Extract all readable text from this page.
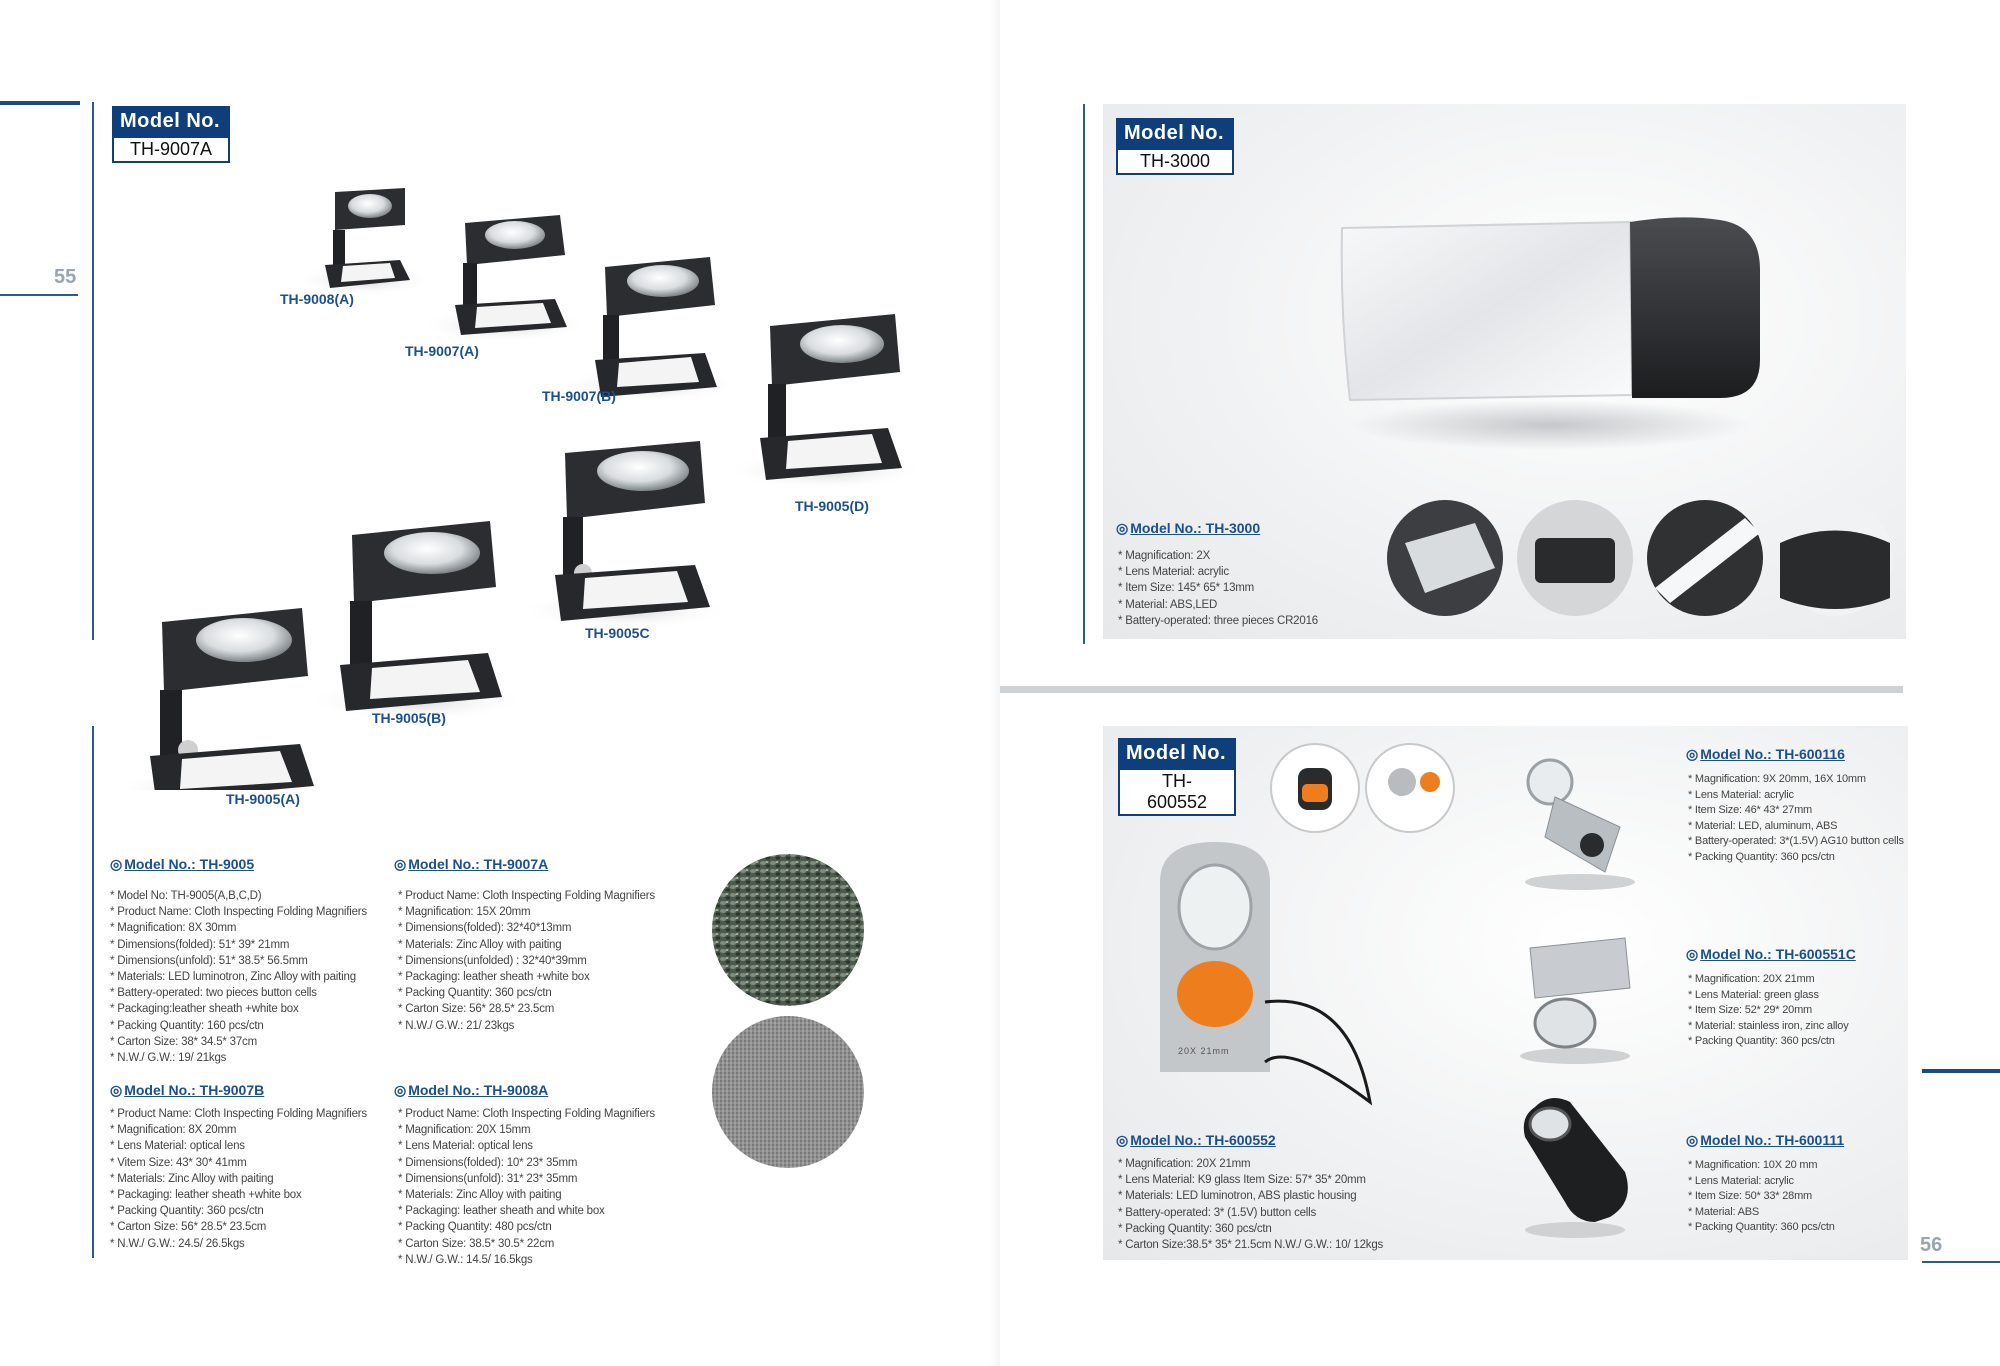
55
Model No.
TH-9007A
TH-9008(A)
TH-9007(A)
TH-9007(B)
TH-9005(D)
TH-9005C
TH-9005(B)
TH-9005(A)
◎ Model No.: TH-9005
* Model No: TH-9005(A,B,C,D)
* Product Name: Cloth Inspecting Folding Magnifiers
* Magnification: 8X 30mm
* Dimensions(folded): 51* 39* 21mm
* Dimensions(unfold): 51* 38.5* 56.5mm
* Materials: LED luminotron, Zinc Alloy with paiting
* Battery-operated: two pieces button cells
* Packaging:leather sheath +white box
* Packing Quantity: 160 pcs/ctn
* Carton Size: 38* 34.5* 37cm
* N.W./ G.W.: 19/ 21kgs
◎ Model No.: TH-9007A
* Product Name: Cloth Inspecting Folding Magnifiers
* Magnification: 15X 20mm
* Dimensions(folded): 32*40*13mm
* Materials: Zinc Alloy with paiting
* Dimensions(unfolded) : 32*40*39mm
* Packaging: leather sheath +white box
* Packing Quantity: 360 pcs/ctn
* Carton Size: 56* 28.5* 23.5cm
* N.W./ G.W.: 21/ 23kgs
◎ Model No.: TH-9007B
* Product Name: Cloth Inspecting Folding Magnifiers
* Magnification: 8X 20mm
* Lens Material: optical lens
* Vitem Size: 43* 30* 41mm
* Materials: Zinc Alloy with paiting
* Packaging: leather sheath +white box
* Packing Quantity: 360 pcs/ctn
* Carton Size: 56* 28.5* 23.5cm
* N.W./ G.W.: 24.5/ 26.5kgs
◎ Model No.: TH-9008A
* Product Name: Cloth Inspecting Folding Magnifiers
* Magnification: 20X 15mm
* Lens Material: optical lens
* Dimensions(folded): 10* 23* 35mm
* Dimensions(unfold): 31* 23* 35mm
* Materials: Zinc Alloy with paiting
* Packaging: leather sheath and white box
* Packing Quantity: 480 pcs/ctn
* Carton Size: 38.5* 30.5* 22cm
* N.W./ G.W.: 14.5/ 16.5kgs
Model No.
TH-3000
◎ Model No.: TH-3000
* Magnification: 2X
* Lens Material: acrylic
* Item Size: 145* 65* 13mm
* Material: ABS,LED
* Battery-operated: three pieces CR2016
Model No.
TH-600552
20X 21mm
◎ Model No.: TH-600552
* Magnification: 20X 21mm
* Lens Material: K9 glass Item Size: 57* 35* 20mm
* Materials: LED luminotron, ABS plastic housing
* Battery-operated: 3* (1.5V) button cells
* Packing Quantity: 360 pcs/ctn
* Carton Size:38.5* 35* 21.5cm N.W./ G.W.: 10/ 12kgs
◎ Model No.: TH-600116
* Magnification: 9X 20mm, 16X 10mm
* Lens Material: acrylic
* Item Size: 46* 43* 27mm
* Material: LED, aluminum, ABS
* Battery-operated: 3*(1.5V) AG10 button cells
* Packing Quantity: 360 pcs/ctn
◎ Model No.: TH-600551C
* Magnification: 20X 21mm
* Lens Material: green glass
* Item Size: 52* 29* 20mm
* Material: stainless iron, zinc alloy
* Packing Quantity: 360 pcs/ctn
◎ Model No.: TH-600111
* Magnification: 10X 20 mm
* Lens Material: acrylic
* Item Size: 50* 33* 28mm
* Material: ABS
* Packing Quantity: 360 pcs/ctn
56
